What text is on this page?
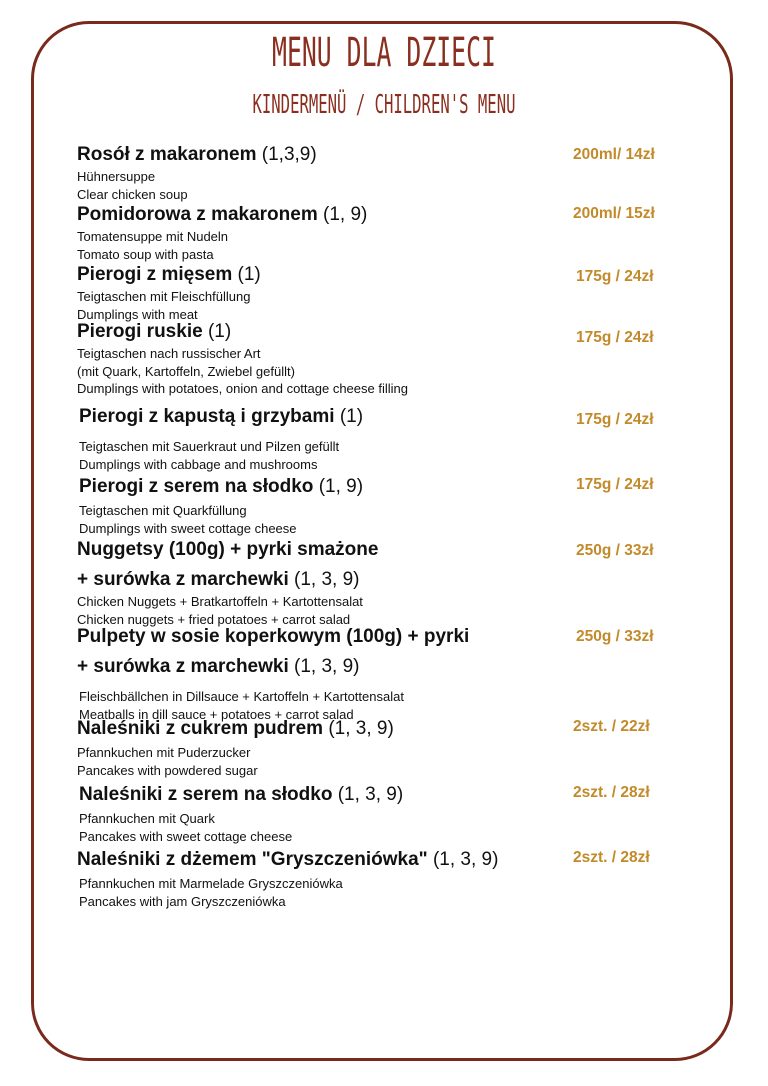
MENU DLA DZIECI
KINDERMENÜ / CHILDREN'S MENU
Rosół z makaronem (1,3,9)
Hühnersuppe
Clear chicken soup
200ml/ 14zł
Pomidorowa z makaronem (1, 9)
Tomatensuppe mit Nudeln
Tomato soup with pasta
200ml/ 15zł
Pierogi z mięsem (1)
Teigtaschen mit Fleischfüllung
Dumplings with meat
175g / 24zł
Pierogi ruskie (1)
Teigtaschen nach russischer Art
(mit Quark, Kartoffeln, Zwiebel gefüllt)
Dumplings with potatoes, onion and cottage cheese filling
175g / 24zł
Pierogi z kapustą i grzybami (1)
Teigtaschen mit Sauerkraut und Pilzen gefüllt
Dumplings with cabbage and mushrooms
175g / 24zł
Pierogi z serem na słodko (1, 9)
Teigtaschen mit Quarkfüllung
Dumplings with sweet cottage cheese
175g / 24zł
Nuggetsy (100g) + pyrki smażone
+ surówka z marchewki (1, 3, 9)
Chicken Nuggets + Bratkartoffeln + Kartottensalat
Chicken nuggets + fried potatoes + carrot salad
250g / 33zł
Pulpety w sosie koperkowym (100g) + pyrki
+ surówka z marchewki (1, 3, 9)
Fleischbällchen in Dillsauce + Kartoffeln + Kartottensalat
Meatballs in dill sauce + potatoes + carrot salad
250g / 33zł
Naleśniki z cukrem pudrem (1, 3, 9)
Pfannkuchen mit Puderzucker
Pancakes with powdered sugar
2szt. / 22zł
Naleśniki z serem na słodko (1, 3, 9)
Pfannkuchen mit Quark
Pancakes with sweet cottage cheese
2szt. / 28zł
Naleśniki z dżemem "Gryszczeniówka" (1, 3, 9)
Pfannkuchen mit Marmelade Gryszczeniówka
Pancakes with jam Gryszczeniówka
2szt. / 28zł
